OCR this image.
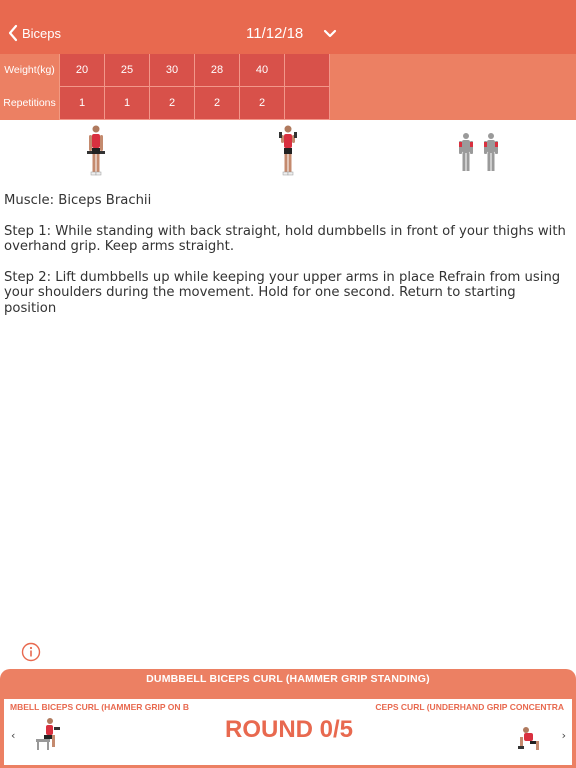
Biceps	11/12/18
Weight(kg)	20	25	30	28	40
Repetitions	1	1	2	2	2

Muscle: Biceps Brachii

Step 1: While standing with back straight, hold dumbbells in front of your thighs with overhand grip. Keep arms straight.

Step 2: Lift dumbbells up while keeping your upper arms in place Refrain from using your shoulders during the movement. Hold for one second. Return to starting position

DUMBBELL BICEPS CURL (HAMMER GRIP STANDING)
MBELL BICEPS CURL (HAMMER GRIP ON B	CEPS CURL (UNDERHAND GRIP CONCENTRA
‹	ROUND 0/5	›
